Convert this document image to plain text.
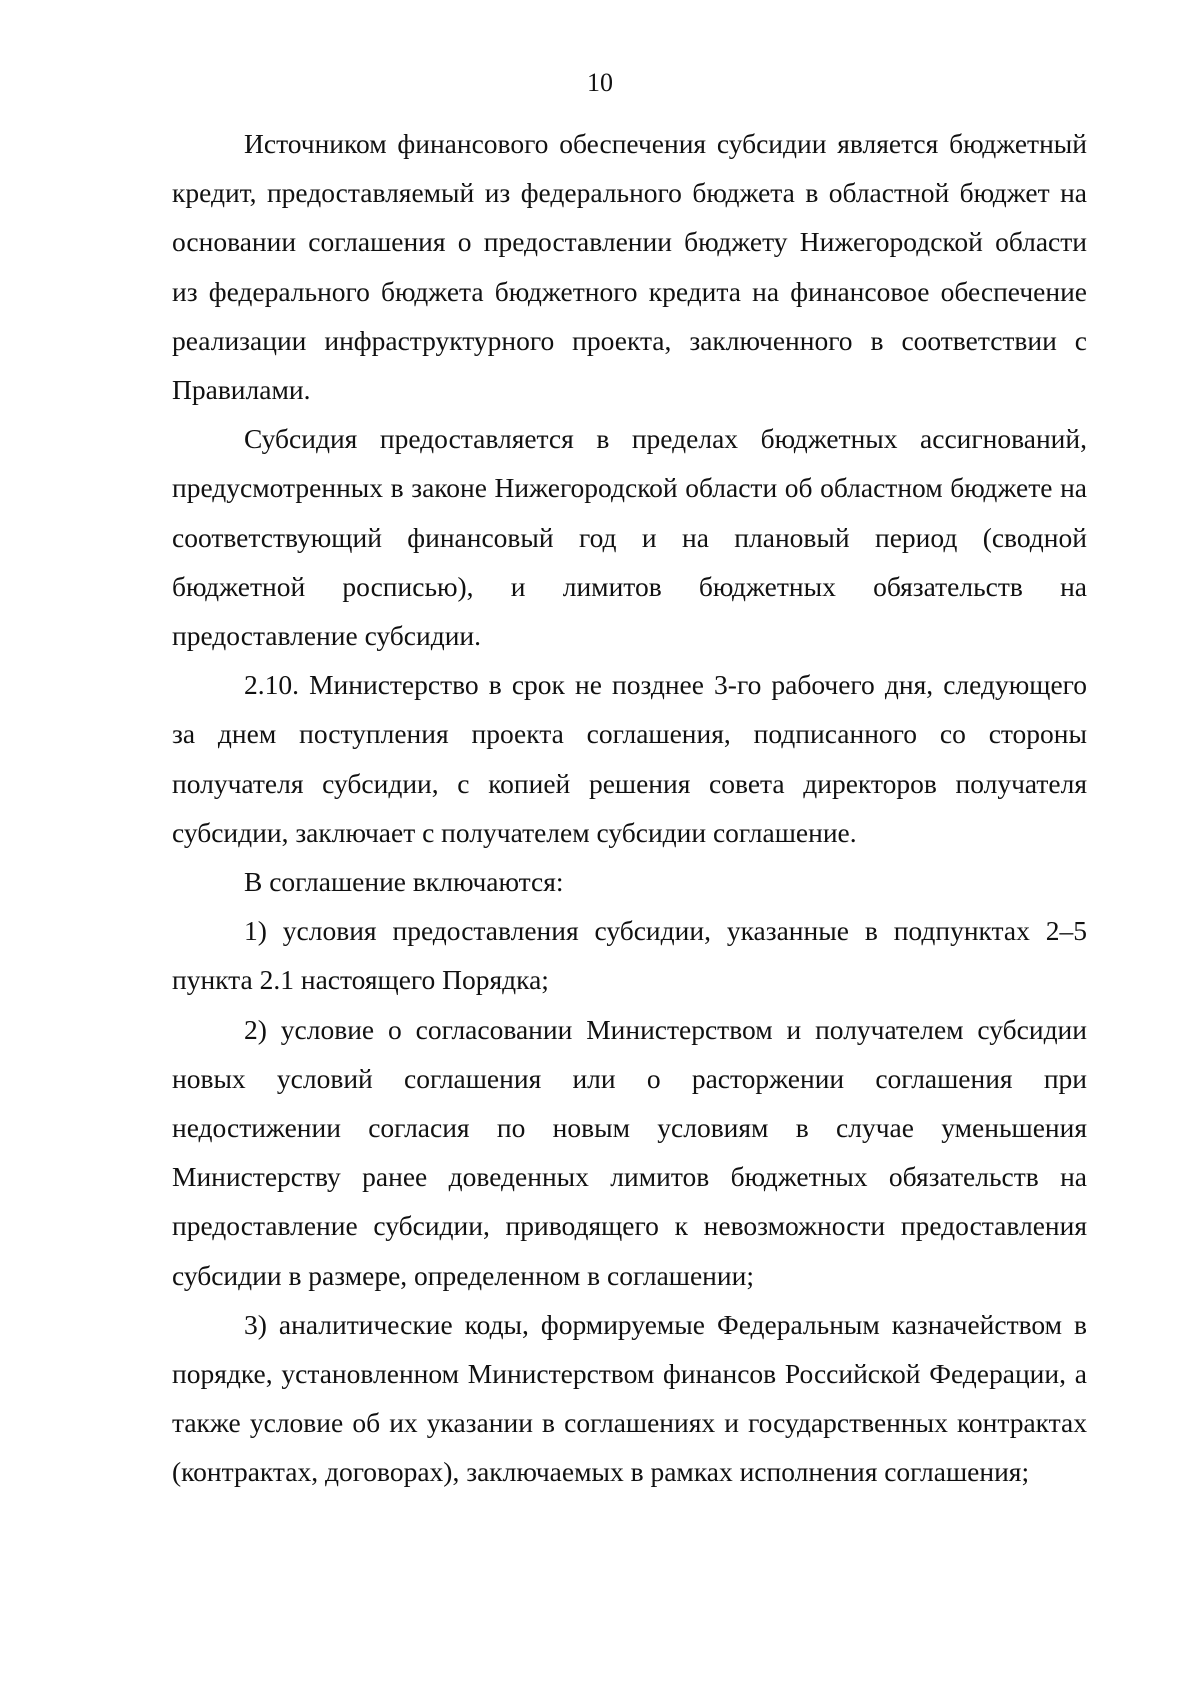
10

Источником финансового обеспечения субсидии является бюджетный кредит, предоставляемый из федерального бюджета в областной бюджет на основании соглашения о предоставлении бюджету Нижегородской области из федерального бюджета бюджетного кредита на финансовое обеспечение реализации инфраструктурного проекта, заключенного в соответствии с Правилами.

Субсидия предоставляется в пределах бюджетных ассигнований, предусмотренных в законе Нижегородской области об областном бюджете на соответствующий финансовый год и на плановый период (сводной бюджетной росписью), и лимитов бюджетных обязательств на предоставление субсидии.

2.10. Министерство в срок не позднее 3-го рабочего дня, следующего за днем поступления проекта соглашения, подписанного со стороны получателя субсидии, с копией решения совета директоров получателя субсидии, заключает с получателем субсидии соглашение.

В соглашение включаются:

1) условия предоставления субсидии, указанные в подпунктах 2–5 пункта 2.1 настоящего Порядка;

2) условие о согласовании Министерством и получателем субсидии новых условий соглашения или о расторжении соглашения при недостижении согласия по новым условиям в случае уменьшения Министерству ранее доведенных лимитов бюджетных обязательств на предоставление субсидии, приводящего к невозможности предоставления субсидии в размере, определенном в соглашении;

3) аналитические коды, формируемые Федеральным казначейством в порядке, установленном Министерством финансов Российской Федерации, а также условие об их указании в соглашениях и государственных контрактах (контрактах, договорах), заключаемых в рамках исполнения соглашения;
